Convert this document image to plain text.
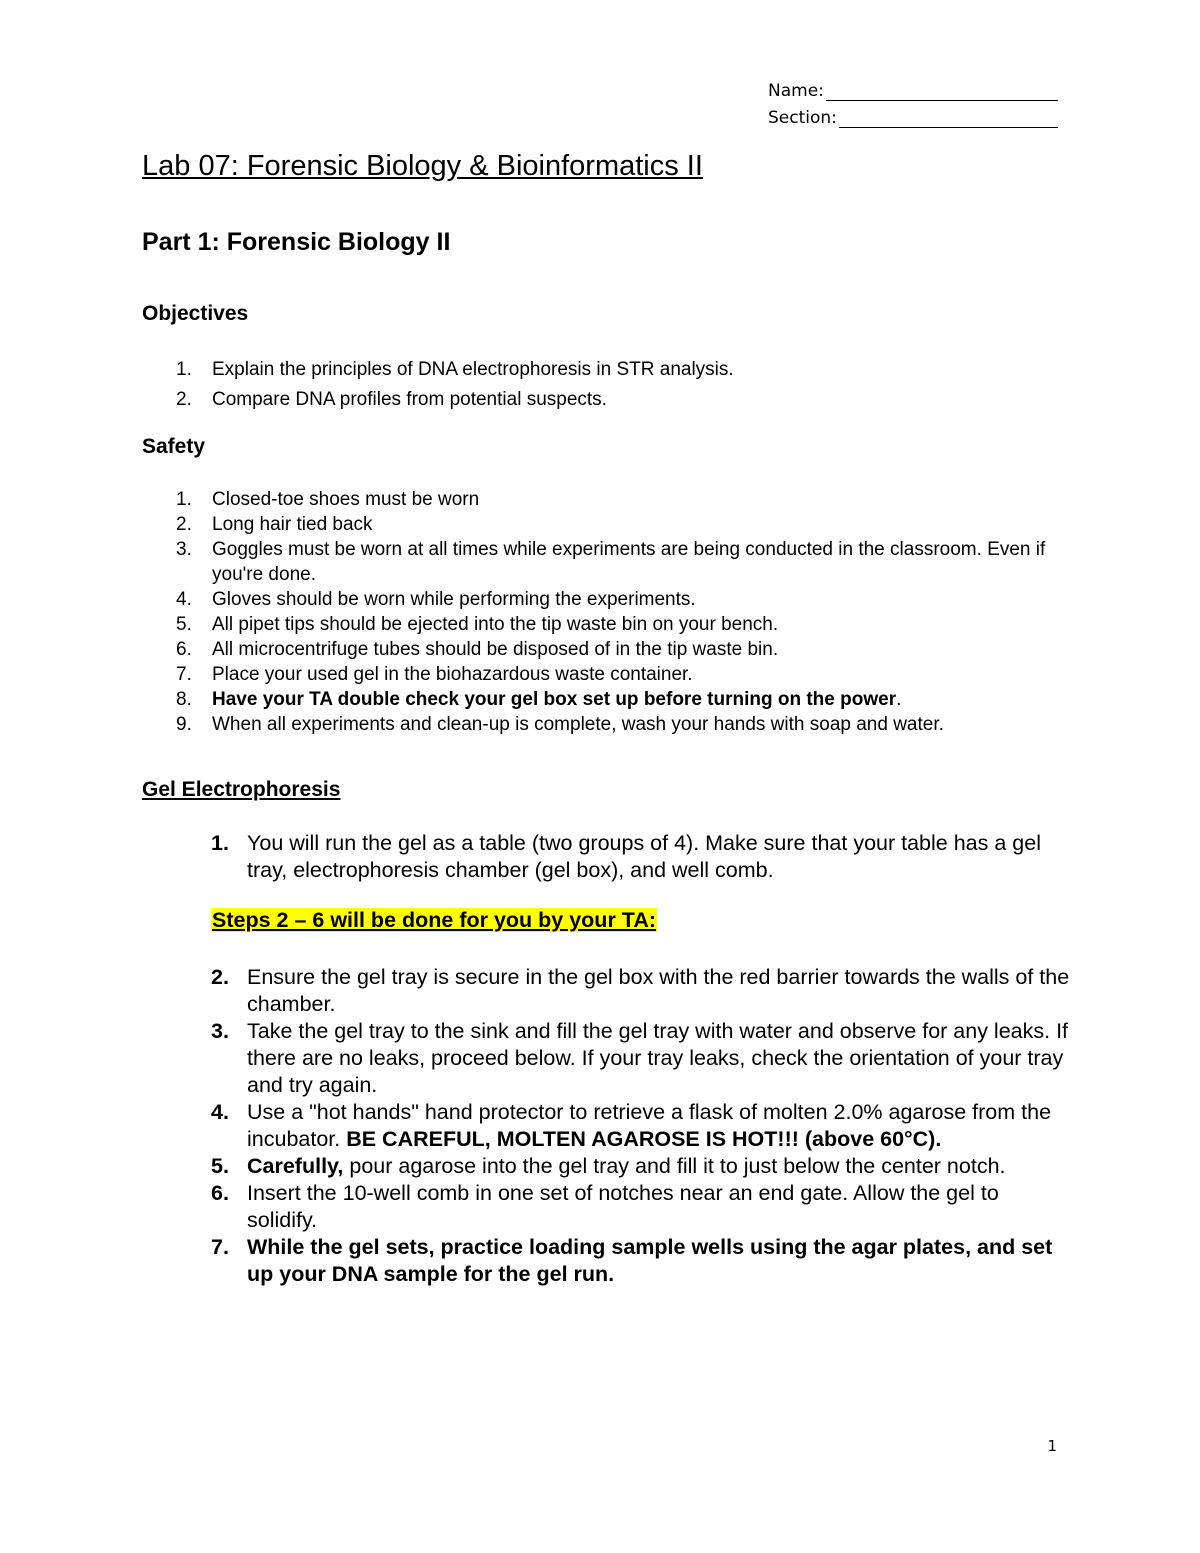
Name:
Section:
Lab 07: Forensic Biology & Bioinformatics II
Part 1: Forensic Biology II
Objectives
1.	Explain the principles of DNA electrophoresis in STR analysis.
2.	Compare DNA profiles from potential suspects.
Safety
1.	Closed-toe shoes must be worn
2.	Long hair tied back
3.	Goggles must be worn at all times while experiments are being conducted in the classroom. Even if you're done.
4.	Gloves should be worn while performing the experiments.
5.	All pipet tips should be ejected into the tip waste bin on your bench.
6.	All microcentrifuge tubes should be disposed of in the tip waste bin.
7.	Place your used gel in the biohazardous waste container.
8.	Have your TA double check your gel box set up before turning on the power.
9.	When all experiments and clean-up is complete, wash your hands with soap and water.
Gel Electrophoresis
1. You will run the gel as a table (two groups of 4). Make sure that your table has a gel tray, electrophoresis chamber (gel box), and well comb.
Steps 2 – 6 will be done for you by your TA:
2. Ensure the gel tray is secure in the gel box with the red barrier towards the walls of the chamber.
3. Take the gel tray to the sink and fill the gel tray with water and observe for any leaks. If there are no leaks, proceed below. If your tray leaks, check the orientation of your tray and try again.
4. Use a "hot hands" hand protector to retrieve a flask of molten 2.0% agarose from the incubator. BE CAREFUL, MOLTEN AGAROSE IS HOT!!! (above 60°C).
5. Carefully, pour agarose into the gel tray and fill it to just below the center notch.
6. Insert the 10-well comb in one set of notches near an end gate. Allow the gel to solidify.
7. While the gel sets, practice loading sample wells using the agar plates, and set up your DNA sample for the gel run.
1
